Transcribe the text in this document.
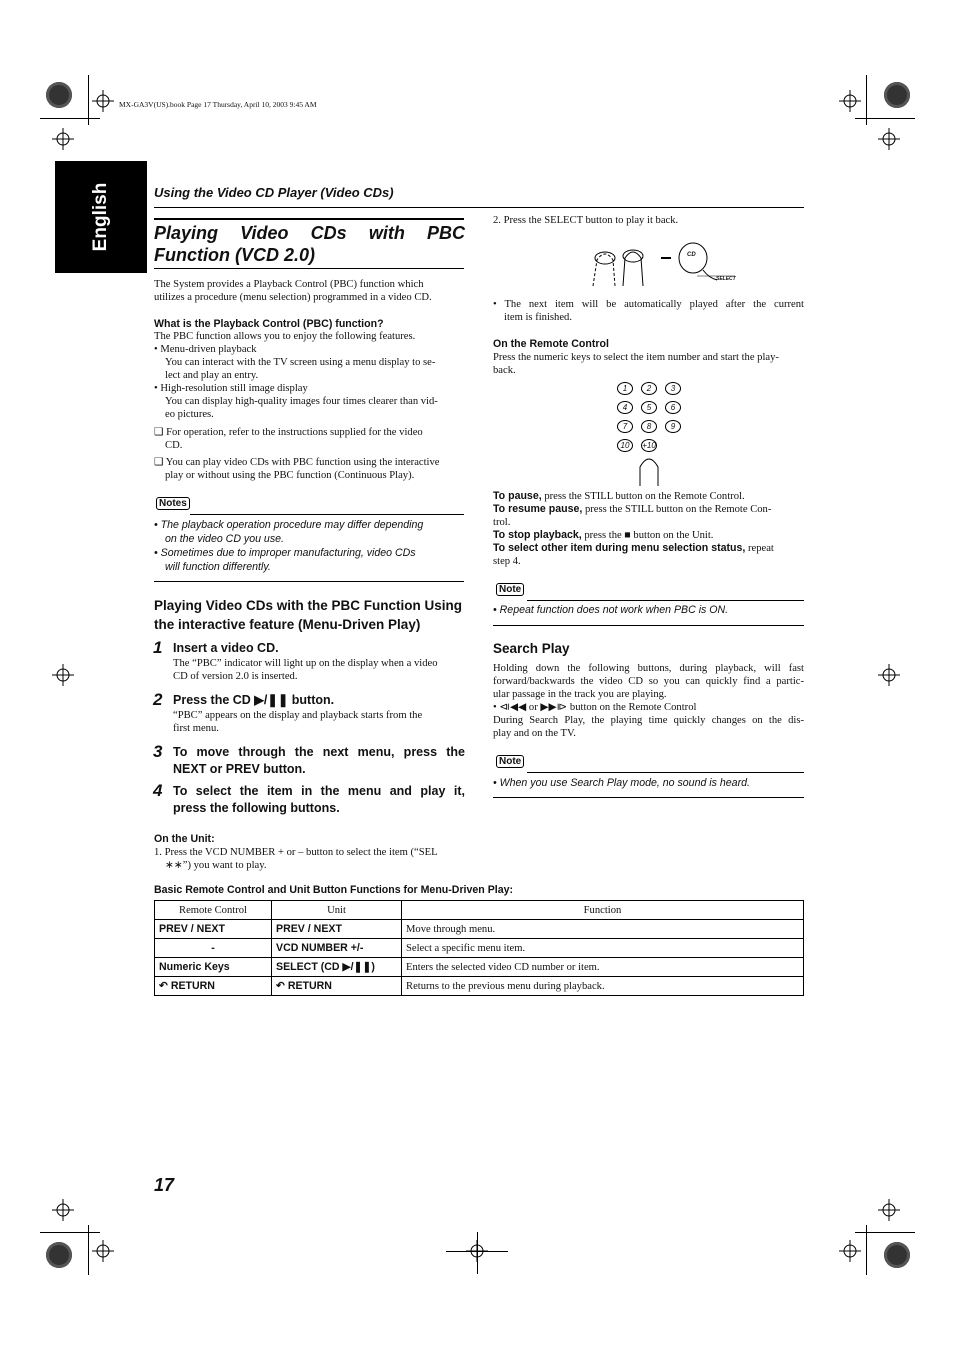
MX-GA3V(US).book Page 17 Thursday, April 10, 2003 9:45 AM
English	Using the Video CD Player (Video CDs)
Playing Video CDs with PBC
Function (VCD 2.0)
The System provides a Playback Control (PBC) function which
utilizes a procedure (menu selection) programmed in a video CD.
What is the Playback Control (PBC) function?
The PBC function allows you to enjoy the following features.
• Menu-driven playback
You can interact with the TV screen using a menu display to se-
lect and play an entry.
• High-resolution still image display
You can display high-quality images four times clearer than vid-
eo pictures.
❑ For operation, refer to the instructions supplied for the video
CD.
❑ You can play video CDs with PBC function using the interactive
play or without using the PBC function (Continuous Play).
Notes
• The playback operation procedure may differ depending
on the video CD you use.
• Sometimes due to improper manufacturing, video CDs
will function differently.
Playing Video CDs with the PBC Function Using
the interactive feature (Menu-Driven Play)
1 Insert a video CD.
The “PBC” indicator will light up on the display when a video
CD of version 2.0 is inserted.
2 Press the CD ▶/❚❚ button.
“PBC” appears on the display and playback starts from the
first menu.
3 To move through the next menu, press the
NEXT or PREV button.
4 To select the item in the menu and play it,
press the following buttons.
On the Unit:
1. Press the VCD NUMBER + or – button to select the item (“SEL
∗∗”) you want to play.
2. Press the SELECT button to play it back.
CD
SELECT
• The next item will be automatically played after the current
item is finished.
On the Remote Control
Press the numeric keys to select the item number and start the play-
back.
1 2 3
4 5 6
7 8 9
10 +10
To pause, press the STILL button on the Remote Control.
To resume pause, press the STILL button on the Remote Con-
trol.
To stop playback, press the ■ button on the Unit.
To select other item during menu selection status, repeat
step 4.
Note
• Repeat function does not work when PBC is ON.
Search Play
Holding down the following buttons, during playback, will fast
forward/backwards the video CD so you can quickly find a partic-
ular passage in the track you are playing.
• ⧏◀◀ or ▶▶⧐ button on the Remote Control
During Search Play, the playing time quickly changes on the dis-
play and on the TV.
Note
• When you use Search Play mode, no sound is heard.
Basic Remote Control and Unit Button Functions for Menu-Driven Play:
Remote Control	Unit	Function
PREV / NEXT	PREV / NEXT	Move through menu.
-	VCD NUMBER +/-	Select a specific menu item.
Numeric Keys	SELECT (CD ▶/❚❚)	Enters the selected video CD number or item.
↶ RETURN	↶ RETURN	Returns to the previous menu during playback.
17
